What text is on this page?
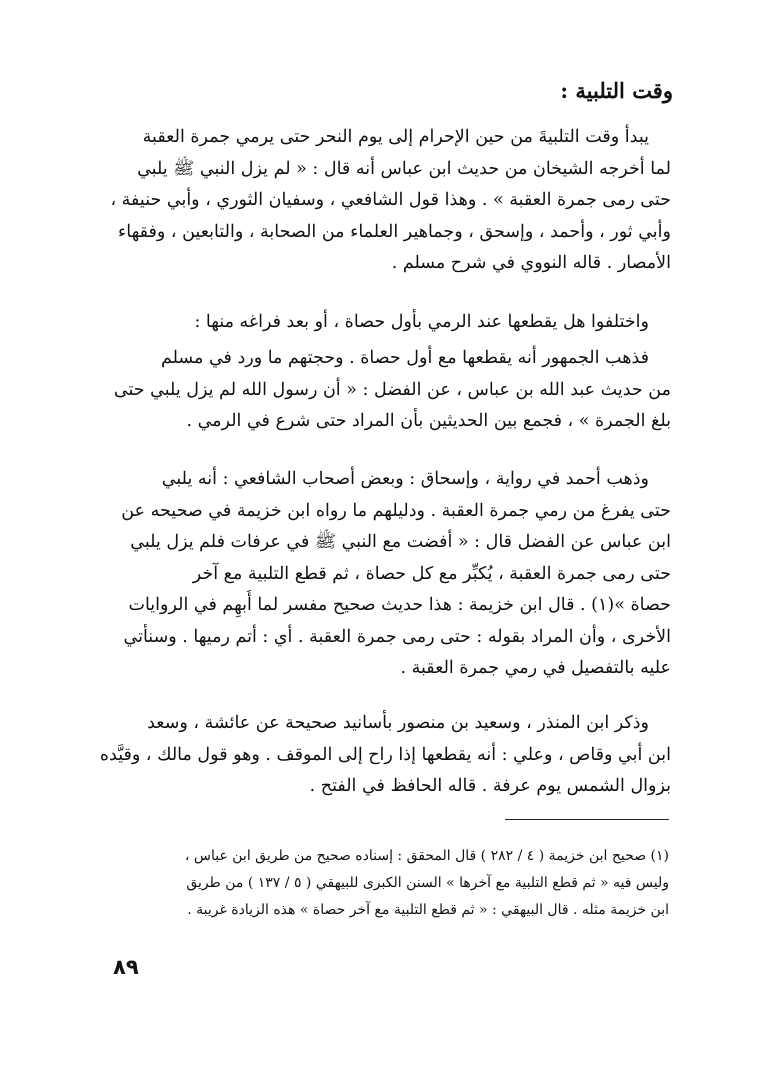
وقت التلبية :
يبدأ وقت التلبيةَ من حين الإحرام إلى يوم النحر حتى يرمي جمرة العقبة
لما أخرجه الشيخان من حديث ابن عباس أنه قال : « لم يزل النبي ﷺ يلبي
حتى رمى جمرة العقبة » . وهذا قول الشافعي ، وسفيان الثوري ، وأبي حنيفة ،
وأبي ثور ، وأحمد ، وإسحق ، وجماهير العلماء من الصحابة ، والتابعين ، وفقهاء
الأمصار . قاله النووي في شرح مسلم .
واختلفوا هل يقطعها عند الرمي بأول حصاة ، أو بعد فراغه منها :
فذهب الجمهور أنه يقطعها مع أول حصاة . وحجتهم ما ورد في مسلم
من حديث عبد الله بن عباس ، عن الفضل : « أن رسول الله لم يزل يلبي حتى
بلغ الجمرة » ، فجمع بين الحديثين بأن المراد حتى شرع في الرمي .
وذهب أحمد في رواية ، وإسحاق : وبعض أصحاب الشافعي : أنه يلبي
حتى يفرغ من رمي جمرة العقبة . ودليلهم ما رواه ابن خزيمة في صحيحه عن
ابن عباس عن الفضل قال : « أفضت مع النبي ﷺ في عرفات فلم يزل يلبي
حتى رمى جمرة العقبة ، يُكبِّر مع كل حصاة ، ثم قطع التلبية مع آخر
حصاة »(١) . قال ابن خزيمة : هذا حديث صحيح مفسر لما أُبهِم في الروايات
الأخرى ، وأن المراد بقوله : حتى رمى جمرة العقبة . أي : أتم رميها . وسنأتي
عليه بالتفصيل في رمي جمرة العقبة .
وذكر ابن المنذر ، وسعيد بن منصور بأسانيد صحيحة عن عائشة ، وسعد
ابن أبي وقاص ، وعلي : أنه يقطعها إذا راح إلى الموقف . وهو قول مالك ، وقيَّده
بزوال الشمس يوم عرفة . قاله الحافظ في الفتح .
(١) صحيح ابن خزيمة ( ٤ / ٢٨٢ ) قال المحقق : إسناده صحيح من طريق ابن عباس ،
وليس فيه « ثم قطع التلبية مع آخرها » السنن الكبرى للبيهقي ( ٥ / ١٣٧ ) من طريق
ابن خزيمة مثله . قال البيهقي : « ثم قطع التلبية مع آخر حصاة » هذه الزيادة غريبة .
٨٩
